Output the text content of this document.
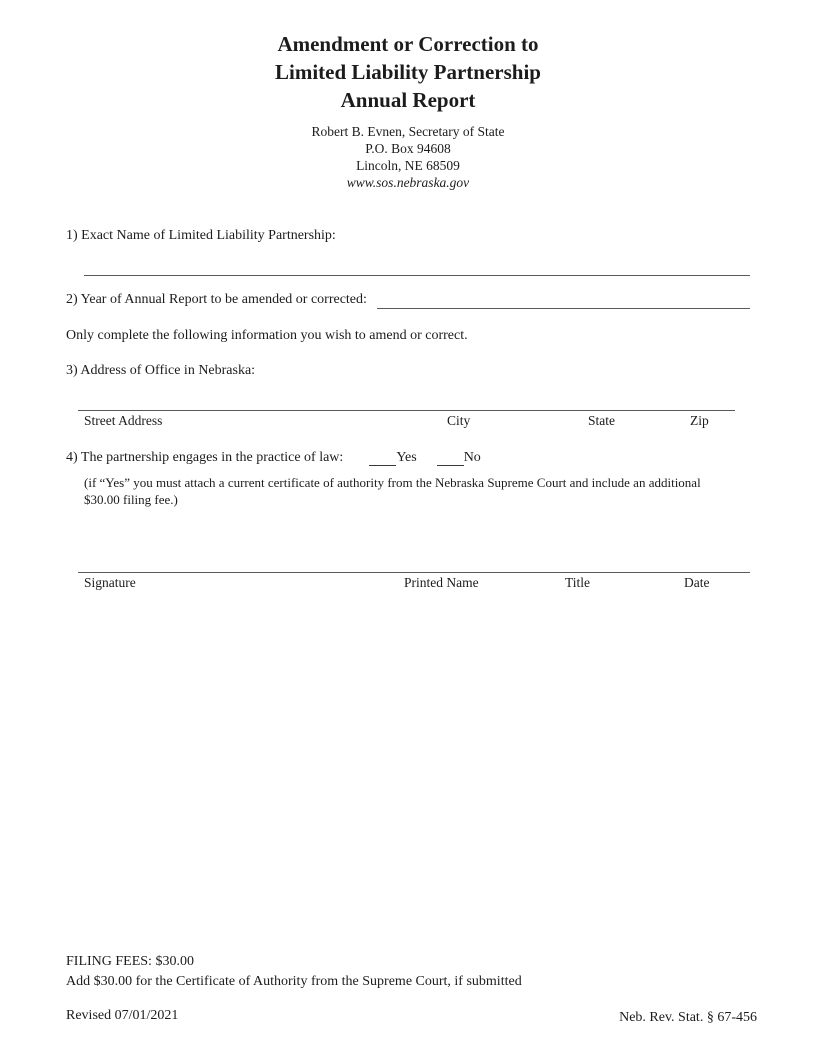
Amendment or Correction to
Limited Liability Partnership
Annual Report
Robert B. Evnen, Secretary of State
P.O. Box 94608
Lincoln, NE 68509
www.sos.nebraska.gov
1) Exact Name of Limited Liability Partnership:
2) Year of Annual Report to be amended or corrected:
Only complete the following information you wish to amend or correct.
3) Address of Office in Nebraska:
Street Address	City	State	Zip
4) The partnership engages in the practice of law:	Yes	No
(if “Yes” you must attach a current certificate of authority from the Nebraska Supreme Court and include an additional $30.00 filing fee.)
Signature	Printed Name	Title	Date
FILING FEES: $30.00
Add $30.00 for the Certificate of Authority from the Supreme Court, if submitted
Revised 07/01/2021	Neb. Rev. Stat. § 67-456
